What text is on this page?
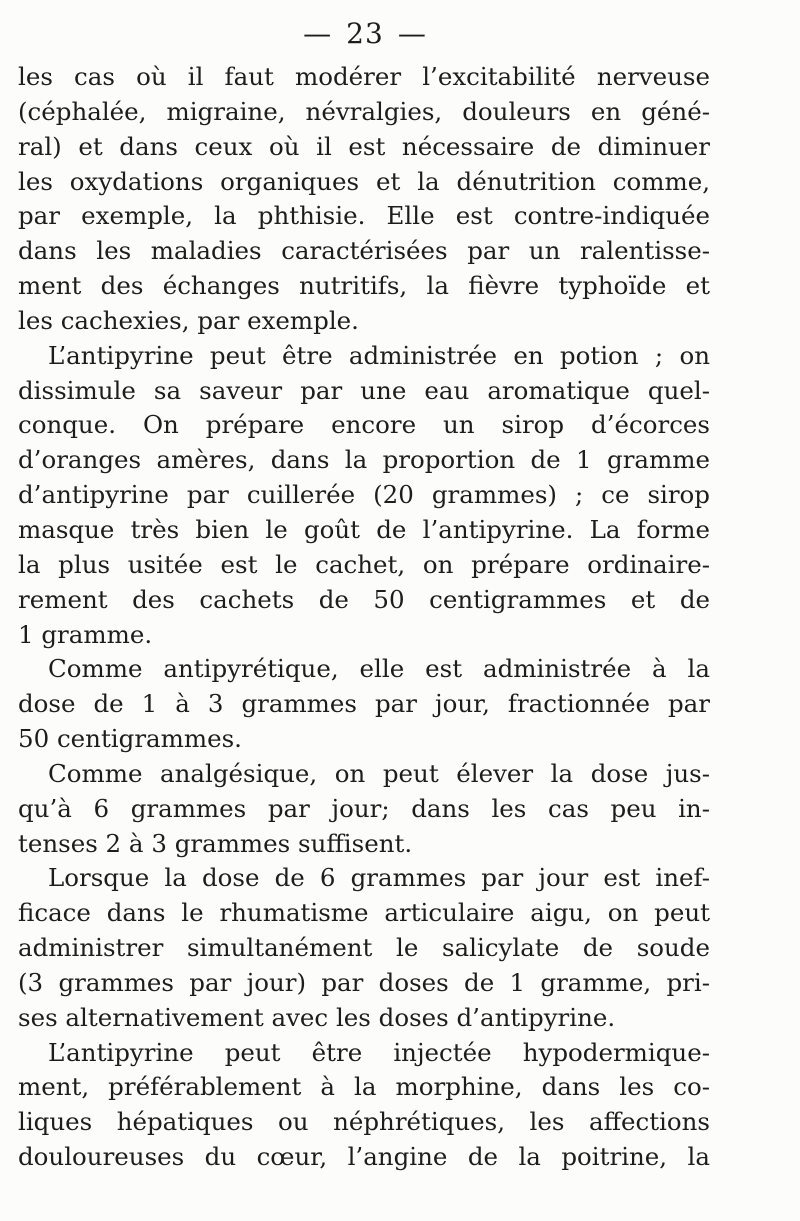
— 23 —
les cas où il faut modérer l’excitabilité nerveuse
(céphalée, migraine, névralgies, douleurs en géné-
ral) et dans ceux où il est nécessaire de diminuer
les oxydations organiques et la dénutrition comme,
par exemple, la phthisie. Elle est contre-indiquée
dans les maladies caractérisées par un ralentisse-
ment des échanges nutritifs, la fièvre typhoïde et
les cachexies, par exemple.
L’antipyrine peut être administrée en potion ; on
dissimule sa saveur par une eau aromatique quel-
conque. On prépare encore un sirop d’écorces
d’oranges amères, dans la proportion de 1 gramme
d’antipyrine par cuillerée (20 grammes) ; ce sirop
masque très bien le goût de l’antipyrine. La forme
la plus usitée est le cachet, on prépare ordinaire-
rement des cachets de 50 centigrammes et de
1 gramme.
Comme antipyrétique, elle est administrée à la
dose de 1 à 3 grammes par jour, fractionnée par
50 centigrammes.
Comme analgésique, on peut élever la dose jus-
qu’à 6 grammes par jour; dans les cas peu in-
tenses 2 à 3 grammes suffisent.
Lorsque la dose de 6 grammes par jour est inef-
ficace dans le rhumatisme articulaire aigu, on peut
administrer simultanément le salicylate de soude
(3 grammes par jour) par doses de 1 gramme, pri-
ses alternativement avec les doses d’antipyrine.
L’antipyrine peut être injectée hypodermique-
ment, préférablement à la morphine, dans les co-
liques hépatiques ou néphrétiques, les affections
douloureuses du cœur, l’angine de la poitrine, la
